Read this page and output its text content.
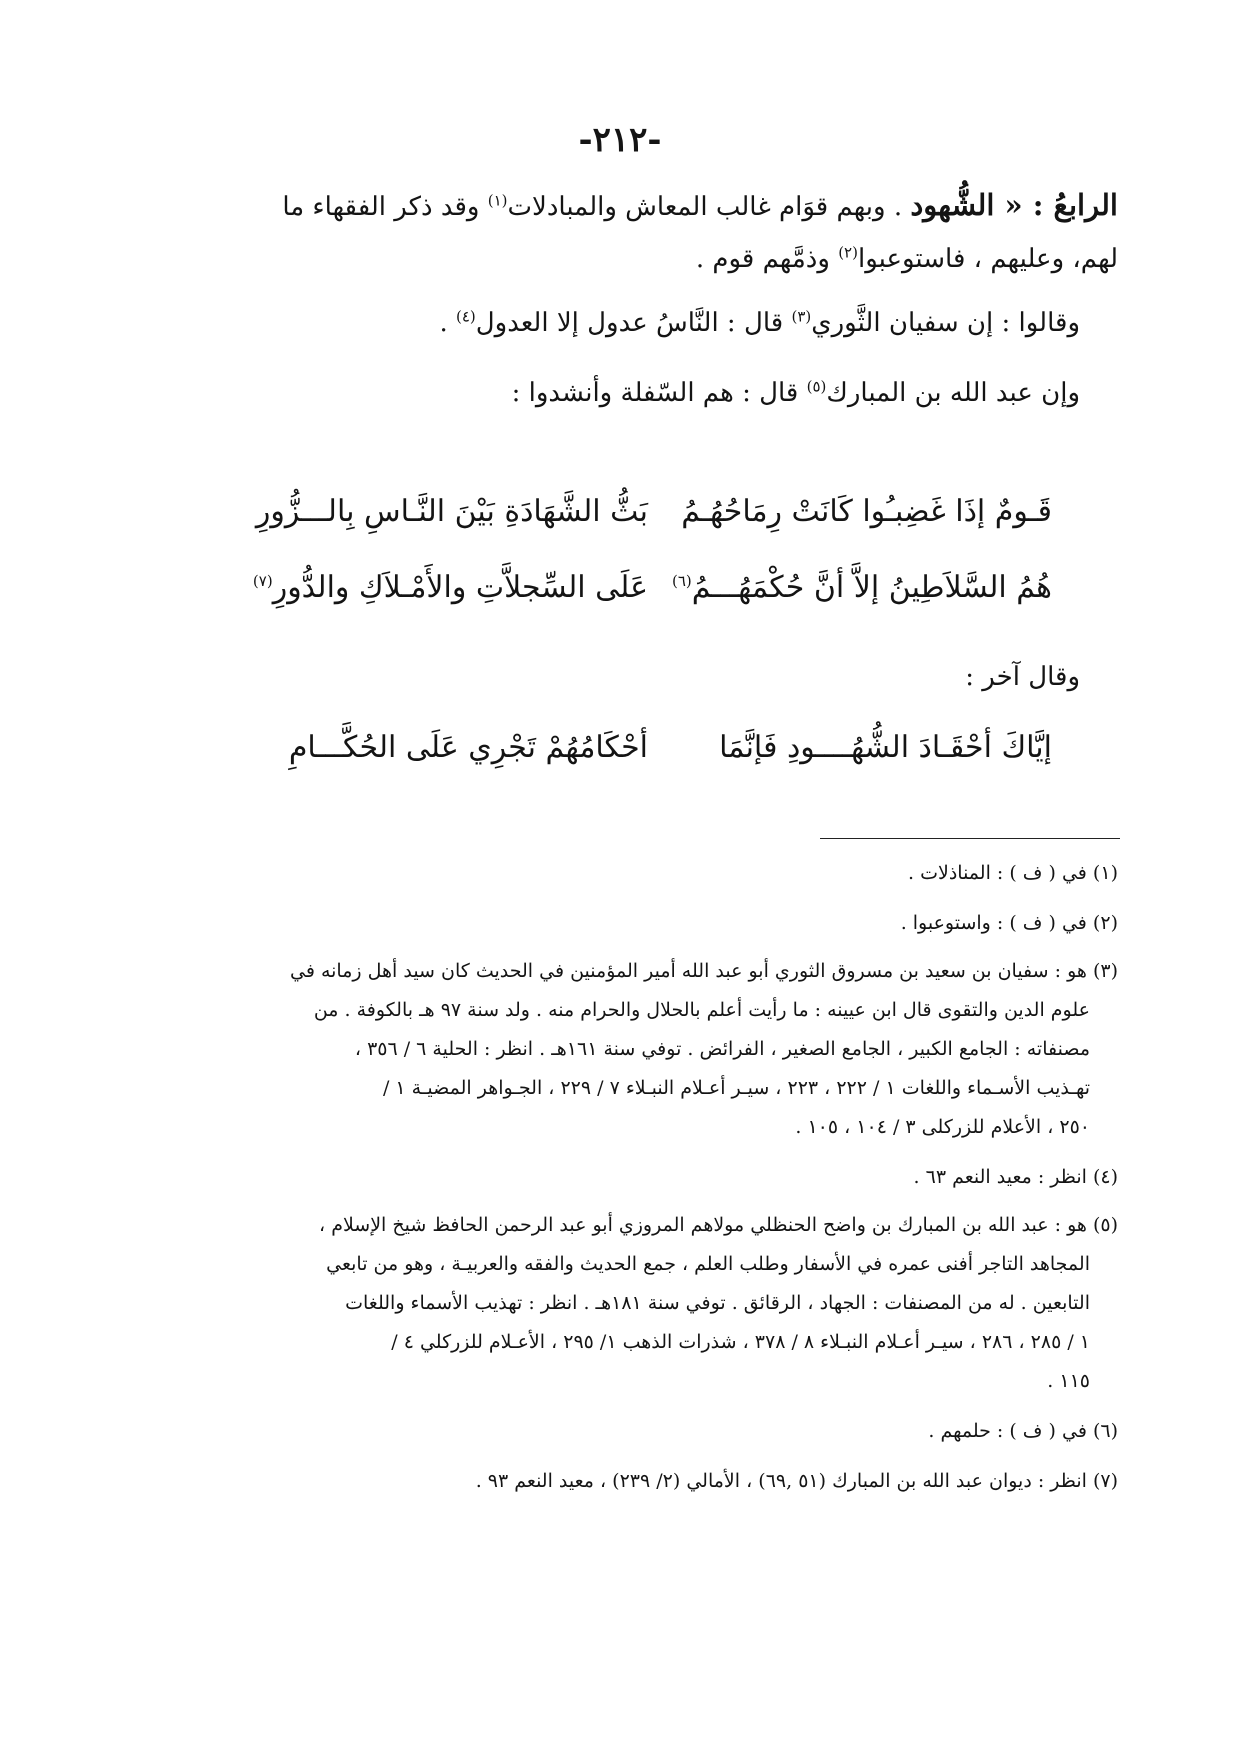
-٢١٢-
الرابعُ : « الشُّهود . وبهم قوَام غالب المعاش والمبادلات$^{(١)}$ وقد ذكر الفقهاء ما
لهم، وعليهم ، فاستوعبوا$^{(٢)}$ وذمَّهم قوم .
وقالوا : إن سفيان الثَّوري$^{(٣)}$ قال : النَّاسُ عدول إلا العدول$^{(٤)}$ .
وإن عبد الله بن المبارك$^{(٥)}$ قال : هم السّفلة وأنشدوا :
قَـومٌ إذَا غَضِبـُوا كَانَتْ رِمَاحُهُـمُ
بَثُّ الشَّهَادَةِ بَيْنَ النَّـاسِ بِالـــزُّورِ
هُمُ السَّلاَطِينُ إلاَّ أنَّ حُكْمَهُـــمُ$^{(٦)}$
عَلَى السِّجلاَّتِ والأَمْـلاَكِ والدُّورِ$^{(٧)}$
وقال آخر :
إيَّاكَ أحْقَـادَ الشُّهُــــودِ فَإنَّمَا
أحْكَامُهُمْ تَجْرِي عَلَى الحُكَّـــامِ
(١) في ( ف ) : المناذلات .
(٢) في ( ف ) : واستوعبوا .
(٣) هو : سفيان بن سعيد بن مسروق الثوري أبو عبد الله أمير المؤمنين في الحديث كان سيد أهل زمانه في
علوم الدين والتقوى قال ابن عيينه : ما رأيت أعلم بالحلال والحرام منه . ولد سنة ٩٧ هـ بالكوفة . من
مصنفاته : الجامع الكبير ، الجامع الصغير ، الفرائض . توفي سنة ١٦١هـ . انظر : الحلية ٦ / ٣٥٦ ،
تهـذيب الأسـماء واللغات ١ / ٢٢٢ ، ٢٢٣ ، سيـر أعـلام النبـلاء ٧ / ٢٢٩ ، الجـواهر المضيـة ١ /
٢٥٠ ، الأعلام للزركلى ٣ / ١٠٤ ، ١٠٥ .
(٤) انظر : معيد النعم ٦٣ .
(٥) هو : عبد الله بن المبارك بن واضح الحنظلي مولاهم المروزي أبو عبد الرحمن الحافظ شيخ الإسلام ،
المجاهد التاجر أفنى عمره في الأسفار وطلب العلم ، جمع الحديث والفقه والعربيـة ، وهو من تابعي
التابعين . له من المصنفات : الجهاد ، الرقائق . توفي سنة ١٨١هـ . انظر : تهذيب الأسماء واللغات
١ / ٢٨٥ ، ٢٨٦ ، سيـر أعـلام النبـلاء ٨ / ٣٧٨ ، شذرات الذهب ١/ ٢٩٥ ، الأعـلام للزركلي ٤ /
١١٥ .
(٦) في ( ف ) : حلمهم .
(٧) انظر : ديوان عبد الله بن المبارك (٥١ ,٦٩) ، الأمالي (٢/ ٢٣٩) ، معيد النعم ٩٣ .
